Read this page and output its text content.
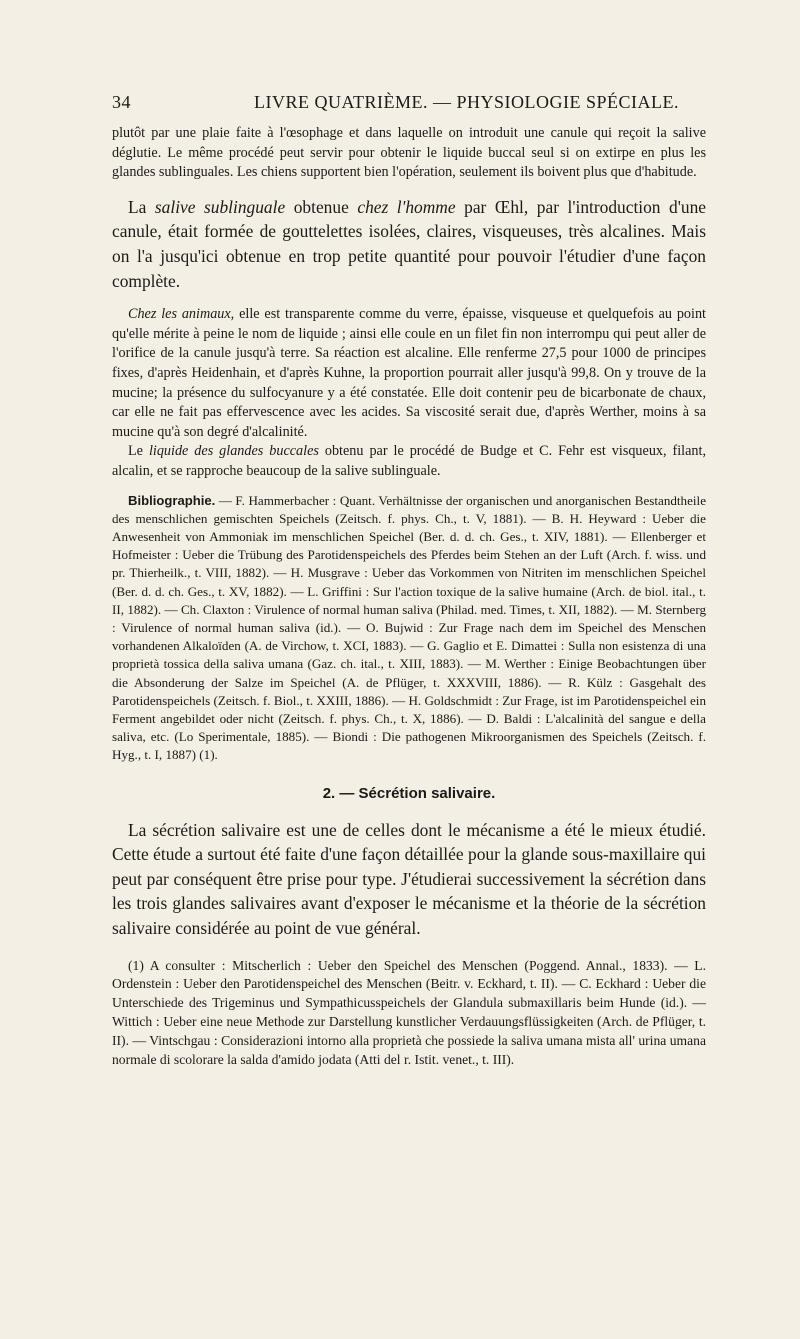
34	LIVRE QUATRIÈME. — PHYSIOLOGIE SPÉCIALE.

plutôt par une plaie faite à l'œsophage et dans laquelle on introduit une canule qui reçoit la salive déglutie. Le même procédé peut servir pour obtenir le liquide buccal seul si on extirpe en plus les glandes sublinguales. Les chiens supportent bien l'opération, seulement ils boivent plus que d'habitude.

La salive sublinguale obtenue chez l'homme par Œhl, par l'introduction d'une canule, était formée de gouttelettes isolées, claires, visqueuses, très alcalines. Mais on l'a jusqu'ici obtenue en trop petite quantité pour pouvoir l'étudier d'une façon complète.

Chez les animaux, elle est transparente comme du verre, épaisse, visqueuse et quelquefois au point qu'elle mérite à peine le nom de liquide ; ainsi elle coule en un filet fin non interrompu qui peut aller de l'orifice de la canule jusqu'à terre. Sa réaction est alcaline. Elle renferme 27,5 pour 1000 de principes fixes, d'après Heidenhain, et d'après Kuhne, la proportion pourrait aller jusqu'à 99,8. On y trouve de la mucine; la présence du sulfocyanure y a été constatée. Elle doit contenir peu de bicarbonate de chaux, car elle ne fait pas effervescence avec les acides. Sa viscosité serait due, d'après Werther, moins à sa mucine qu'à son degré d'alcalinité.

Le liquide des glandes buccales obtenu par le procédé de Budge et C. Fehr est visqueux, filant, alcalin, et se rapproche beaucoup de la salive sublinguale.

Bibliographie. — F. Hammerbacher : Quant. Verhältnisse der organischen und anorganischen Bestandtheile des menschlichen gemischten Speichels (Zeitsch. f. phys. Ch., t. V, 1881). — B. H. Heyward : Ueber die Anwesenheit von Ammoniak im menschlichen Speichel (Ber. d. d. ch. Ges., t. XIV, 1881). — Ellenberger et Hofmeister : Ueber die Trübung des Parotidenspeichels des Pferdes beim Stehen an der Luft (Arch. f. wiss. und pr. Thierheilk., t. VIII, 1882). — H. Musgrave : Ueber das Vorkommen von Nitriten im menschlichen Speichel (Ber. d. d. ch. Ges., t. XV, 1882). — L. Griffini : Sur l'action toxique de la salive humaine (Arch. de biol. ital., t. II, 1882). — Ch. Claxton : Virulence of normal human saliva (Philad. med. Times, t. XII, 1882). — M. Sternberg : Virulence of normal human saliva (id.). — O. Bujwid : Zur Frage nach dem im Speichel des Menschen vorhandenen Alkaloïden (A. de Virchow, t. XCI, 1883). — G. Gaglio et E. Dimattei : Sulla non esistenza di una proprietà tossica della saliva umana (Gaz. ch. ital., t. XIII, 1883). — M. Werther : Einige Beobachtungen über die Absonderung der Salze im Speichel (A. de Pflüger, t. XXXVIII, 1886). — R. Külz : Gasgehalt des Parotidenspeichels (Zeitsch. f. Biol., t. XXIII, 1886). — H. Goldschmidt : Zur Frage, ist im Parotidenspeichel ein Ferment angebildet oder nicht (Zeitsch. f. phys. Ch., t. X, 1886). — D. Baldi : L'alcalinità del sangue e della saliva, etc. (Lo Sperimentale, 1885). — Biondi : Die pathogenen Mikroorganismen des Speichels (Zeitsch. f. Hyg., t. I, 1887) (1).

2. — Sécrétion salivaire.

La sécrétion salivaire est une de celles dont le mécanisme a été le mieux étudié. Cette étude a surtout été faite d'une façon détaillée pour la glande sous-maxillaire qui peut par conséquent être prise pour type. J'étudierai successivement la sécrétion dans les trois glandes salivaires avant d'exposer le mécanisme et la théorie de la sécrétion salivaire considérée au point de vue général.

(1) A consulter : Mitscherlich : Ueber den Speichel des Menschen (Poggend. Annal., 1833). — L. Ordenstein : Ueber den Parotidenspeichel des Menschen (Beitr. v. Eckhard, t. II). — C. Eckhard : Ueber die Unterschiede des Trigeminus und Sympathicusspeichels der Glandula submaxillaris beim Hunde (id.). — Wittich : Ueber eine neue Methode zur Darstellung kunstlicher Verdauungsflüssigkeiten (Arch. de Pflüger, t. II). — Vintschgau : Considerazioni intorno alla proprietà che possiede la saliva umana mista all' urina umana normale di scolorare la salda d'amido jodata (Atti del r. Istit. venet., t. III).
